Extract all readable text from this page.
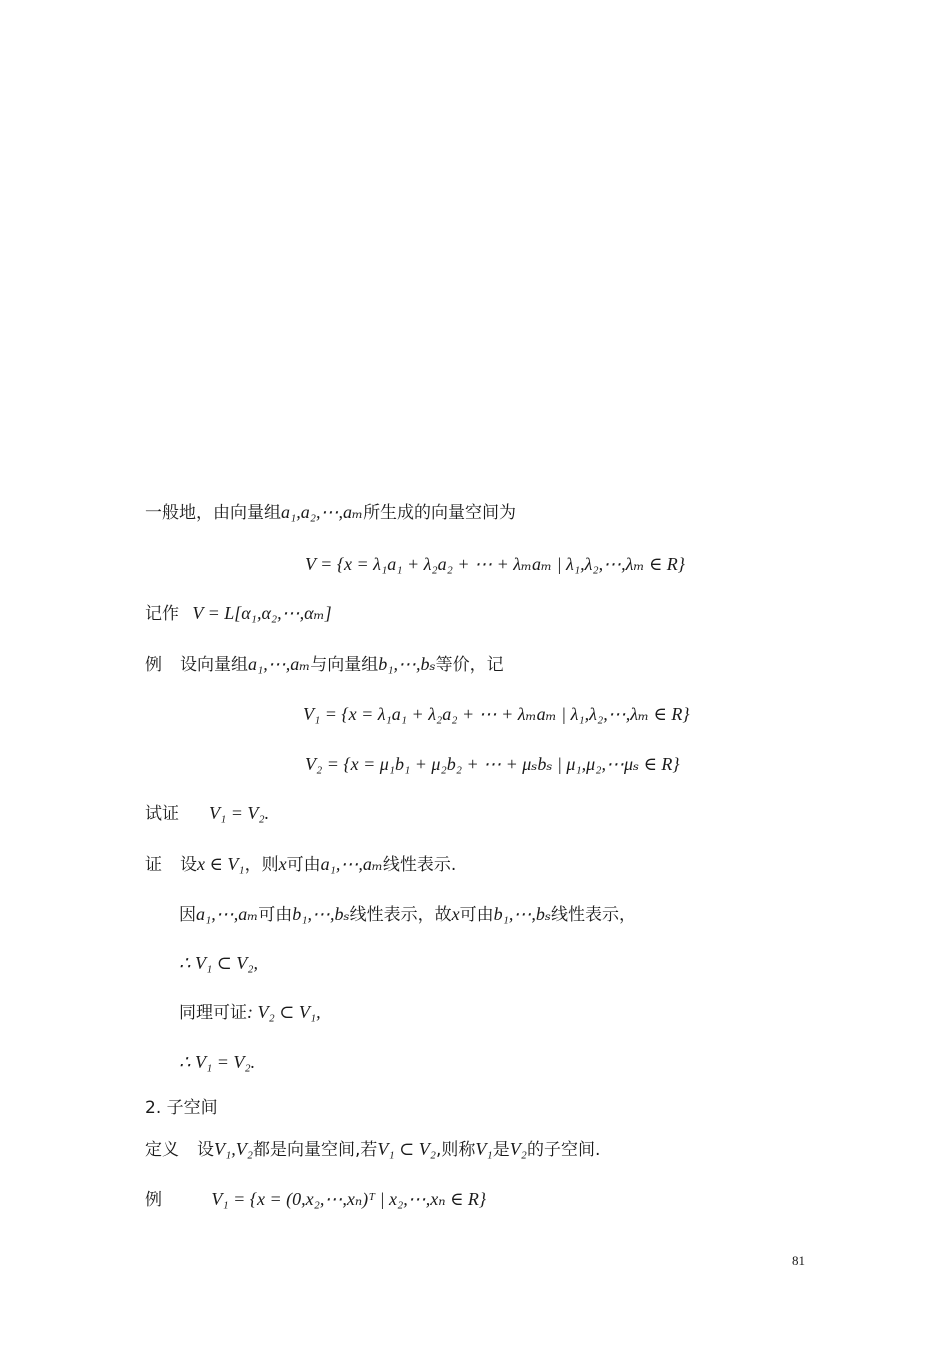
一般地，由向量组a₁,a₂,⋯,aₘ所生成的向量空间为
V = {x = λ₁a₁ + λ₂a₂ + ⋯ + λₘaₘ | λ₁,λ₂,⋯,λₘ ∈ R}
记作 V = L[α₁,α₂,⋯,αₘ]
例 设向量组a₁,⋯,aₘ与向量组b₁,⋯,bₛ等价，记
V₁ = {x = λ₁a₁ + λ₂a₂ + ⋯ + λₘaₘ | λ₁,λ₂,⋯,λₘ ∈ R}
V₂ = {x = μ₁b₁ + μ₂b₂ + ⋯ + μₛbₛ | μ₁,μ₂,⋯μₛ ∈ R}
试证 V₁ = V₂.
证 设x ∈ V₁，则x可由a₁,⋯,aₘ线性表示.
因a₁,⋯,aₘ可由b₁,⋯,bₛ线性表示，故x可由b₁,⋯,bₛ线性表示，
∴ V₁ ⊂ V₂,
同理可证: V₂ ⊂ V₁,
∴ V₁ = V₂.
2. 子空间
定义 设V₁,V₂都是向量空间,若V₁ ⊂ V₂,则称V₁是V₂的子空间.
例	V₁ = {x = (0,x₂,⋯,xₙ)ᵀ | x₂,⋯,xₙ ∈ R}
81
